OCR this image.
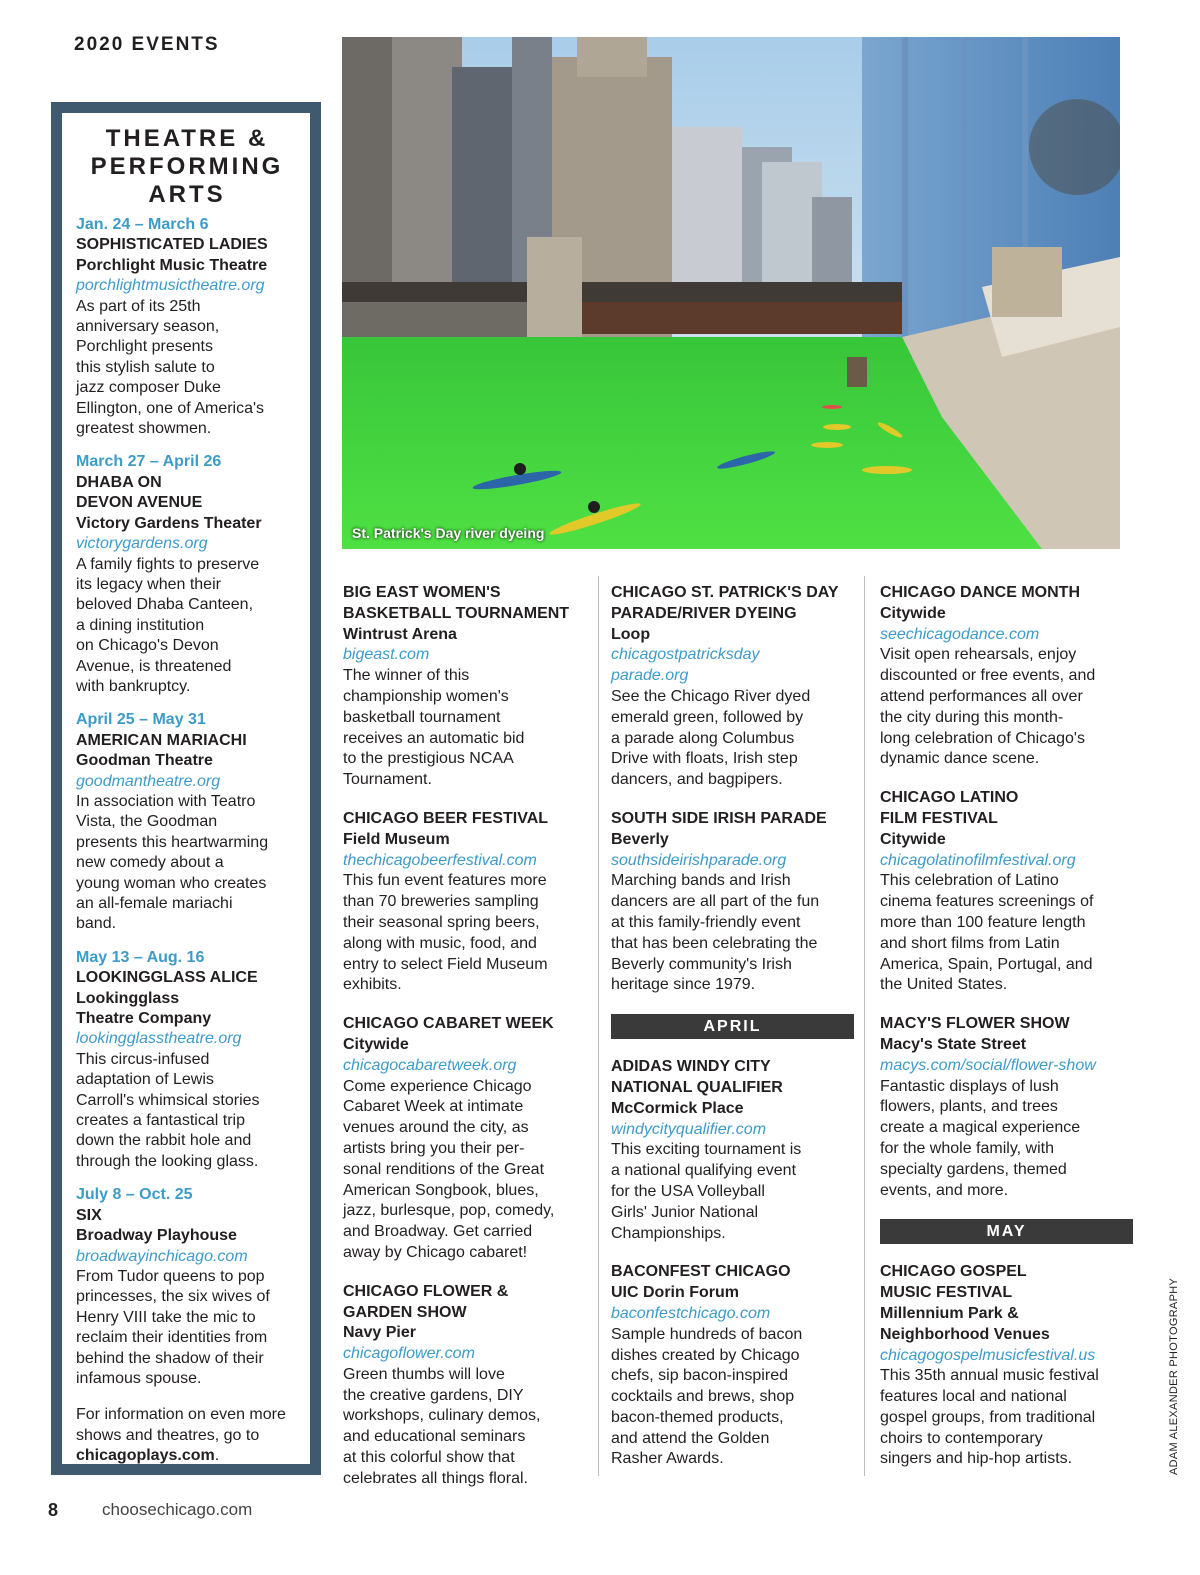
2020 EVENTS
THEATRE &
PERFORMING
ARTS
Jan. 24 – March 6
SOPHISTICATED LADIES
Porchlight Music Theatre
porchlightmusictheatre.org
As part of its 25th
anniversary season,
Porchlight presents
this stylish salute to
jazz composer Duke
Ellington, one of America's
greatest showmen.
March 27 – April 26
DHABA ON
DEVON AVENUE
Victory Gardens Theater
victorygardens.org
A family fights to preserve
its legacy when their
beloved Dhaba Canteen,
a dining institution
on Chicago's Devon
Avenue, is threatened
with bankruptcy.
April 25 – May 31
AMERICAN MARIACHI
Goodman Theatre
goodmantheatre.org
In association with Teatro
Vista, the Goodman
presents this heartwarming
new comedy about a
young woman who creates
an all-female mariachi
band.
May 13 – Aug. 16
LOOKINGGLASS ALICE
Lookingglass
Theatre Company
lookingglasstheatre.org
This circus-infused
adaptation of Lewis
Carroll's whimsical stories
creates a fantastical trip
down the rabbit hole and
through the looking glass.
July 8 – Oct. 25
SIX
Broadway Playhouse
broadwayinchicago.com
From Tudor queens to pop
princesses, the six wives of
Henry VIII take the mic to
reclaim their identities from
behind the shadow of their
infamous spouse.
For information on even more shows and theatres, go to chicagoplays.com.
St. Patrick's Day river dyeing
BIG EAST WOMEN'S
BASKETBALL TOURNAMENT
Wintrust Arena
bigeast.com
The winner of this
championship women's
basketball tournament
receives an automatic bid
to the prestigious NCAA
Tournament.
CHICAGO BEER FESTIVAL
Field Museum
thechicagobeerfestival.com
This fun event features more
than 70 breweries sampling
their seasonal spring beers,
along with music, food, and
entry to select Field Museum
exhibits.
CHICAGO CABARET WEEK
Citywide
chicagocabaretweek.org
Come experience Chicago
Cabaret Week at intimate
venues around the city, as
artists bring you their per-
sonal renditions of the Great
American Songbook, blues,
jazz, burlesque, pop, comedy,
and Broadway. Get carried
away by Chicago cabaret!
CHICAGO FLOWER &
GARDEN SHOW
Navy Pier
chicagoflower.com
Green thumbs will love
the creative gardens, DIY
workshops, culinary demos,
and educational seminars
at this colorful show that
celebrates all things floral.
CHICAGO ST. PATRICK'S DAY
PARADE/RIVER DYEING
Loop
chicagostpatricksday
parade.org
See the Chicago River dyed
emerald green, followed by
a parade along Columbus
Drive with floats, Irish step
dancers, and bagpipers.
SOUTH SIDE IRISH PARADE
Beverly
southsideirishparade.org
Marching bands and Irish
dancers are all part of the fun
at this family-friendly event
that has been celebrating the
Beverly community's Irish
heritage since 1979.
APRIL
ADIDAS WINDY CITY
NATIONAL QUALIFIER
McCormick Place
windycityqualifier.com
This exciting tournament is
a national qualifying event
for the USA Volleyball
Girls' Junior National
Championships.
BACONFEST CHICAGO
UIC Dorin Forum
baconfestchicago.com
Sample hundreds of bacon
dishes created by Chicago
chefs, sip bacon-inspired
cocktails and brews, shop
bacon-themed products,
and attend the Golden
Rasher Awards.
CHICAGO DANCE MONTH
Citywide
seechicagodance.com
Visit open rehearsals, enjoy
discounted or free events, and
attend performances all over
the city during this month-
long celebration of Chicago's
dynamic dance scene.
CHICAGO LATINO
FILM FESTIVAL
Citywide
chicagolatinofilmfestival.org
This celebration of Latino
cinema features screenings of
more than 100 feature length
and short films from Latin
America, Spain, Portugal, and
the United States.
MACY'S FLOWER SHOW
Macy's State Street
macys.com/social/flower-show
Fantastic displays of lush
flowers, plants, and trees
create a magical experience
for the whole family, with
specialty gardens, themed
events, and more.
MAY
CHICAGO GOSPEL
MUSIC FESTIVAL
Millennium Park &
Neighborhood Venues
chicagogospelmusicfestival.us
This 35th annual music festival
features local and national
gospel groups, from traditional
choirs to contemporary
singers and hip-hop artists.	ADAM ALEXANDER PHOTOGRAPHY
8	choosechicago.com
